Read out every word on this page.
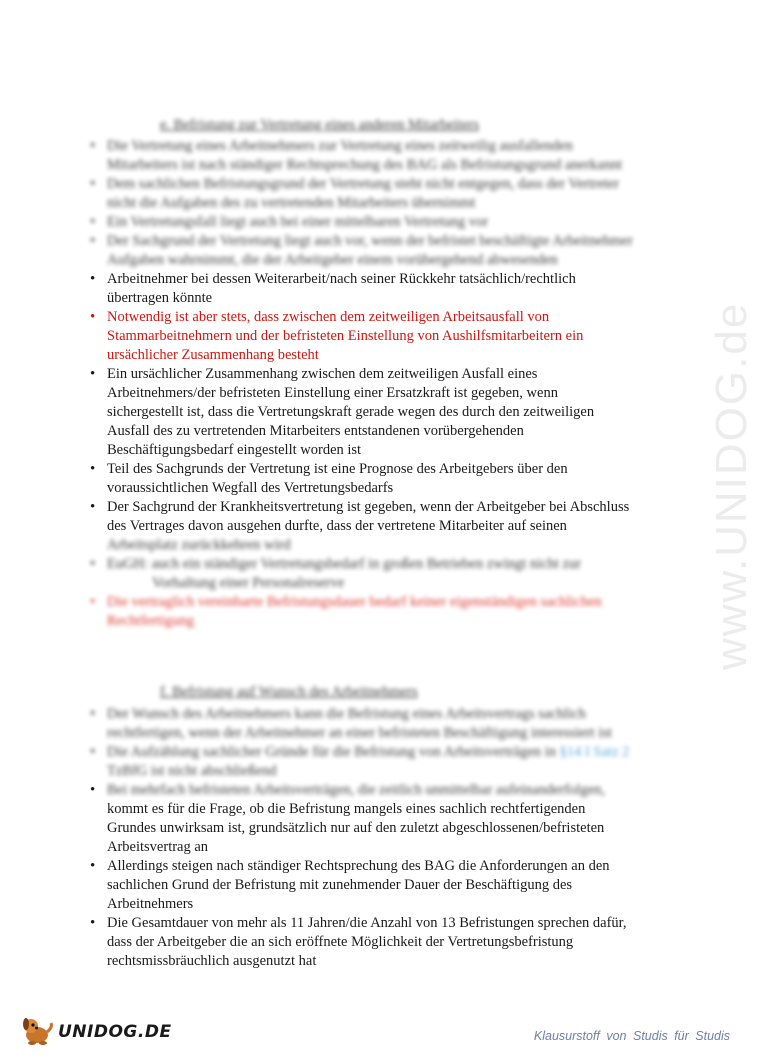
www.UNIDOG.de
e. Befristung zur Vertretung eines anderen Mitarbeiters
• Die Vertretung eines Arbeitnehmers zur Vertretung eines zeitweilig ausfallenden
Mitarbeiters ist nach ständiger Rechtsprechung des BAG als Befristungsgrund anerkannt
• Dem sachlichen Befristungsgrund der Vertretung steht nicht entgegen, dass der Vertreter
nicht die Aufgaben des zu vertretenden Mitarbeiters übernimmt
• Ein Vertretungsfall liegt auch bei einer mittelbaren Vertretung vor
• Der Sachgrund der Vertretung liegt auch vor, wenn der befristet beschäftigte Arbeitnehmer
Aufgaben wahrnimmt, die der Arbeitgeber einem vorübergehend abwesenden
• Arbeitnehmer bei dessen Weiterarbeit/nach seiner Rückkehr tatsächlich/rechtlich
übertragen könnte
• Notwendig ist aber stets, dass zwischen dem zeitweiligen Arbeitsausfall von
Stammarbeitnehmern und der befristeten Einstellung von Aushilfsmitarbeitern ein
ursächlicher Zusammenhang besteht
• Ein ursächlicher Zusammenhang zwischen dem zeitweiligen Ausfall eines
Arbeitnehmers/der befristeten Einstellung einer Ersatzkraft ist gegeben, wenn
sichergestellt ist, dass die Vertretungskraft gerade wegen des durch den zeitweiligen
Ausfall des zu vertretenden Mitarbeiters entstandenen vorübergehenden
Beschäftigungsbedarf eingestellt worden ist
• Teil des Sachgrunds der Vertretung ist eine Prognose des Arbeitgebers über den
voraussichtlichen Wegfall des Vertretungsbedarfs
• Der Sachgrund der Krankheitsvertretung ist gegeben, wenn der Arbeitgeber bei Abschluss
des Vertrages davon ausgehen durfte, dass der vertretene Mitarbeiter auf seinen
Arbeitsplatz zurückkehren wird
• EuGH: auch ein ständiger Vertretungsbedarf in großen Betrieben zwingt nicht zur
Vorhaltung einer Personalreserve
• Die vertraglich vereinbarte Befristungsdauer bedarf keiner eigenständigen sachlichen
Rechtfertigung
f. Befristung auf Wunsch des Arbeitnehmers
• Der Wunsch des Arbeitnehmers kann die Befristung eines Arbeitsvertrags sachlich
rechtfertigen, wenn der Arbeitnehmer an einer befristeten Beschäftigung interessiert ist
• Die Aufzählung sachlicher Gründe für die Befristung von Arbeitsverträgen in §14 I Satz 2
TzBfG ist nicht abschließend
• Bei mehrfach befristeten Arbeitsverträgen, die zeitlich unmittelbar aufeinanderfolgen,
kommt es für die Frage, ob die Befristung mangels eines sachlich rechtfertigenden
Grundes unwirksam ist, grundsätzlich nur auf den zuletzt abgeschlossenen/befristeten
Arbeitsvertrag an
• Allerdings steigen nach ständiger Rechtsprechung des BAG die Anforderungen an den
sachlichen Grund der Befristung mit zunehmender Dauer der Beschäftigung des
Arbeitnehmers
• Die Gesamtdauer von mehr als 11 Jahren/die Anzahl von 13 Befristungen sprechen dafür,
dass der Arbeitgeber die an sich eröffnete Möglichkeit der Vertretungsbefristung
rechtsmissbräuchlich ausgenutzt hat
UNIDOG.DE	Klausurstoff von Studis für Studis
